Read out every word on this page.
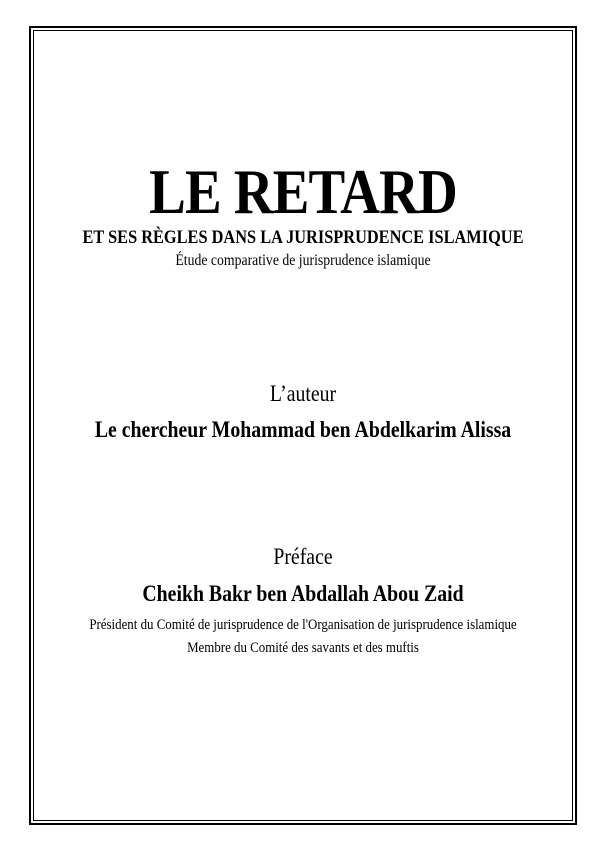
LE RETARD
ET SES RÈGLES DANS LA JURISPRUDENCE ISLAMIQUE
Étude comparative de jurisprudence islamique
L’auteur
Le chercheur Mohammad ben Abdelkarim Alissa
Préface
Cheikh Bakr ben Abdallah Abou Zaid
Président du Comité de jurisprudence de l'Organisation de jurisprudence islamique
Membre du Comité des savants et des muftis
